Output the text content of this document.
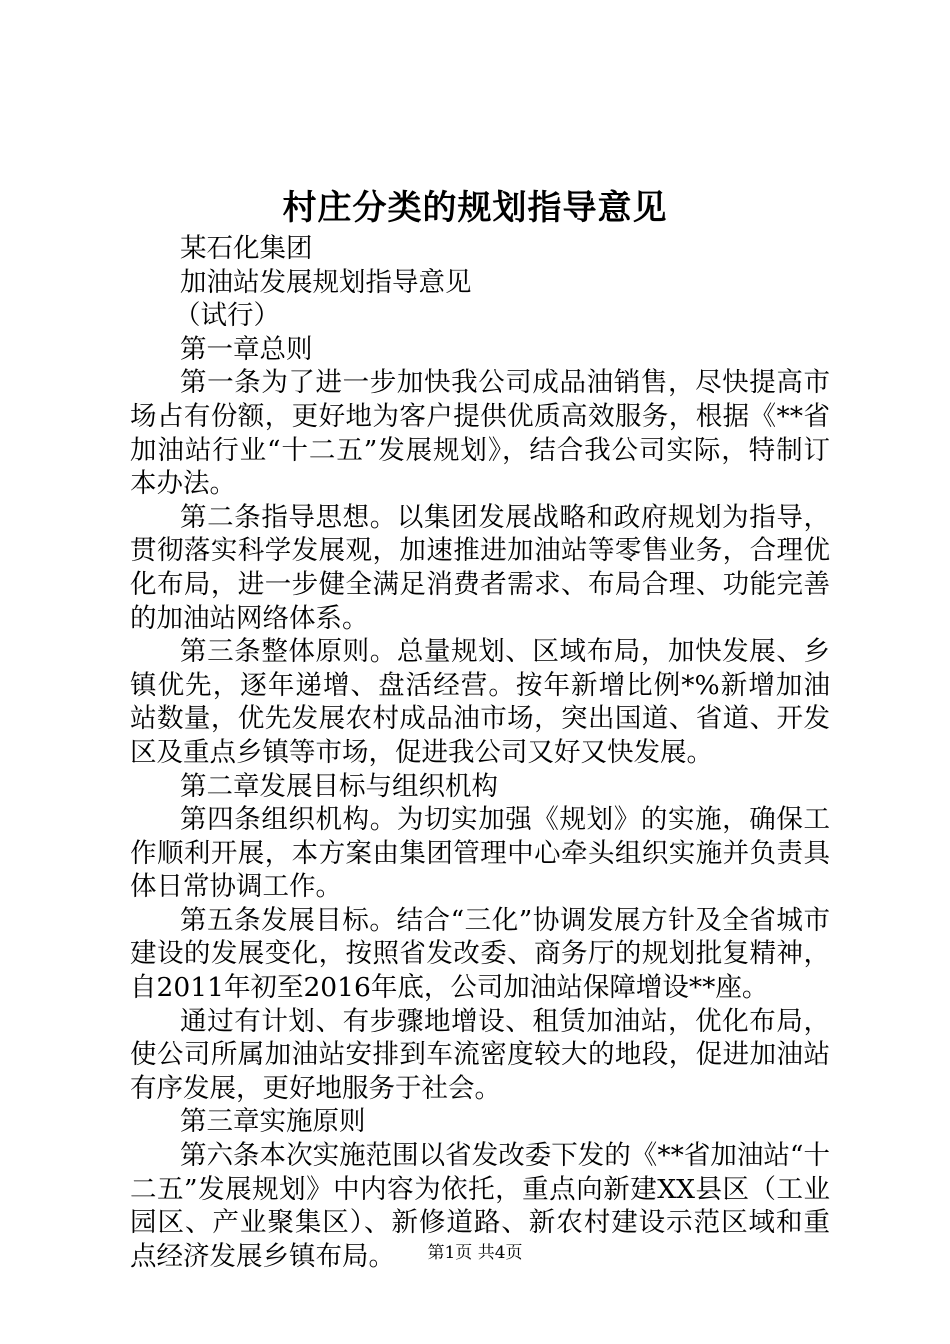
村庄分类的规划指导意见
某石化集团
加油站发展规划指导意见
（试行）
第一章总则

第一条为了进一步加快我公司成品油销售，尽快提高市场占有份额，更好地为客户提供优质高效服务，根据《**省加油站行业“十二五”发展规划》，结合我公司实际，特制订本办法。

第二条指导思想。以集团发展战略和政府规划为指导，贯彻落实科学发展观，加速推进加油站等零售业务，合理优化布局，进一步健全满足消费者需求、布局合理、功能完善的加油站网络体系。

第三条整体原则。总量规划、区域布局，加快发展、乡镇优先，逐年递增、盘活经营。按年新增比例*%新增加油站数量，优先发展农村成品油市场，突出国道、省道、开发区及重点乡镇等市场，促进我公司又好又快发展。

第二章发展目标与组织机构

第四条组织机构。为切实加强《规划》的实施，确保工作顺利开展，本方案由集团管理中心牵头组织实施并负责具体日常协调工作。

第五条发展目标。结合“三化”协调发展方针及全省城市建设的发展变化，按照省发改委、商务厅的规划批复精神，自2011年初至2016年底，公司加油站保障增设**座。

通过有计划、有步骤地增设、租赁加油站，优化布局，使公司所属加油站安排到车流密度较大的地段，促进加油站有序发展，更好地服务于社会。

第三章实施原则

第六条本次实施范围以省发改委下发的《**省加油站“十二五”发展规划》中内容为依托，重点向新建XX县区（工业园区、产业聚集区）、新修道路、新农村建设示范区域和重点经济发展乡镇布局。	第1页 共4页
